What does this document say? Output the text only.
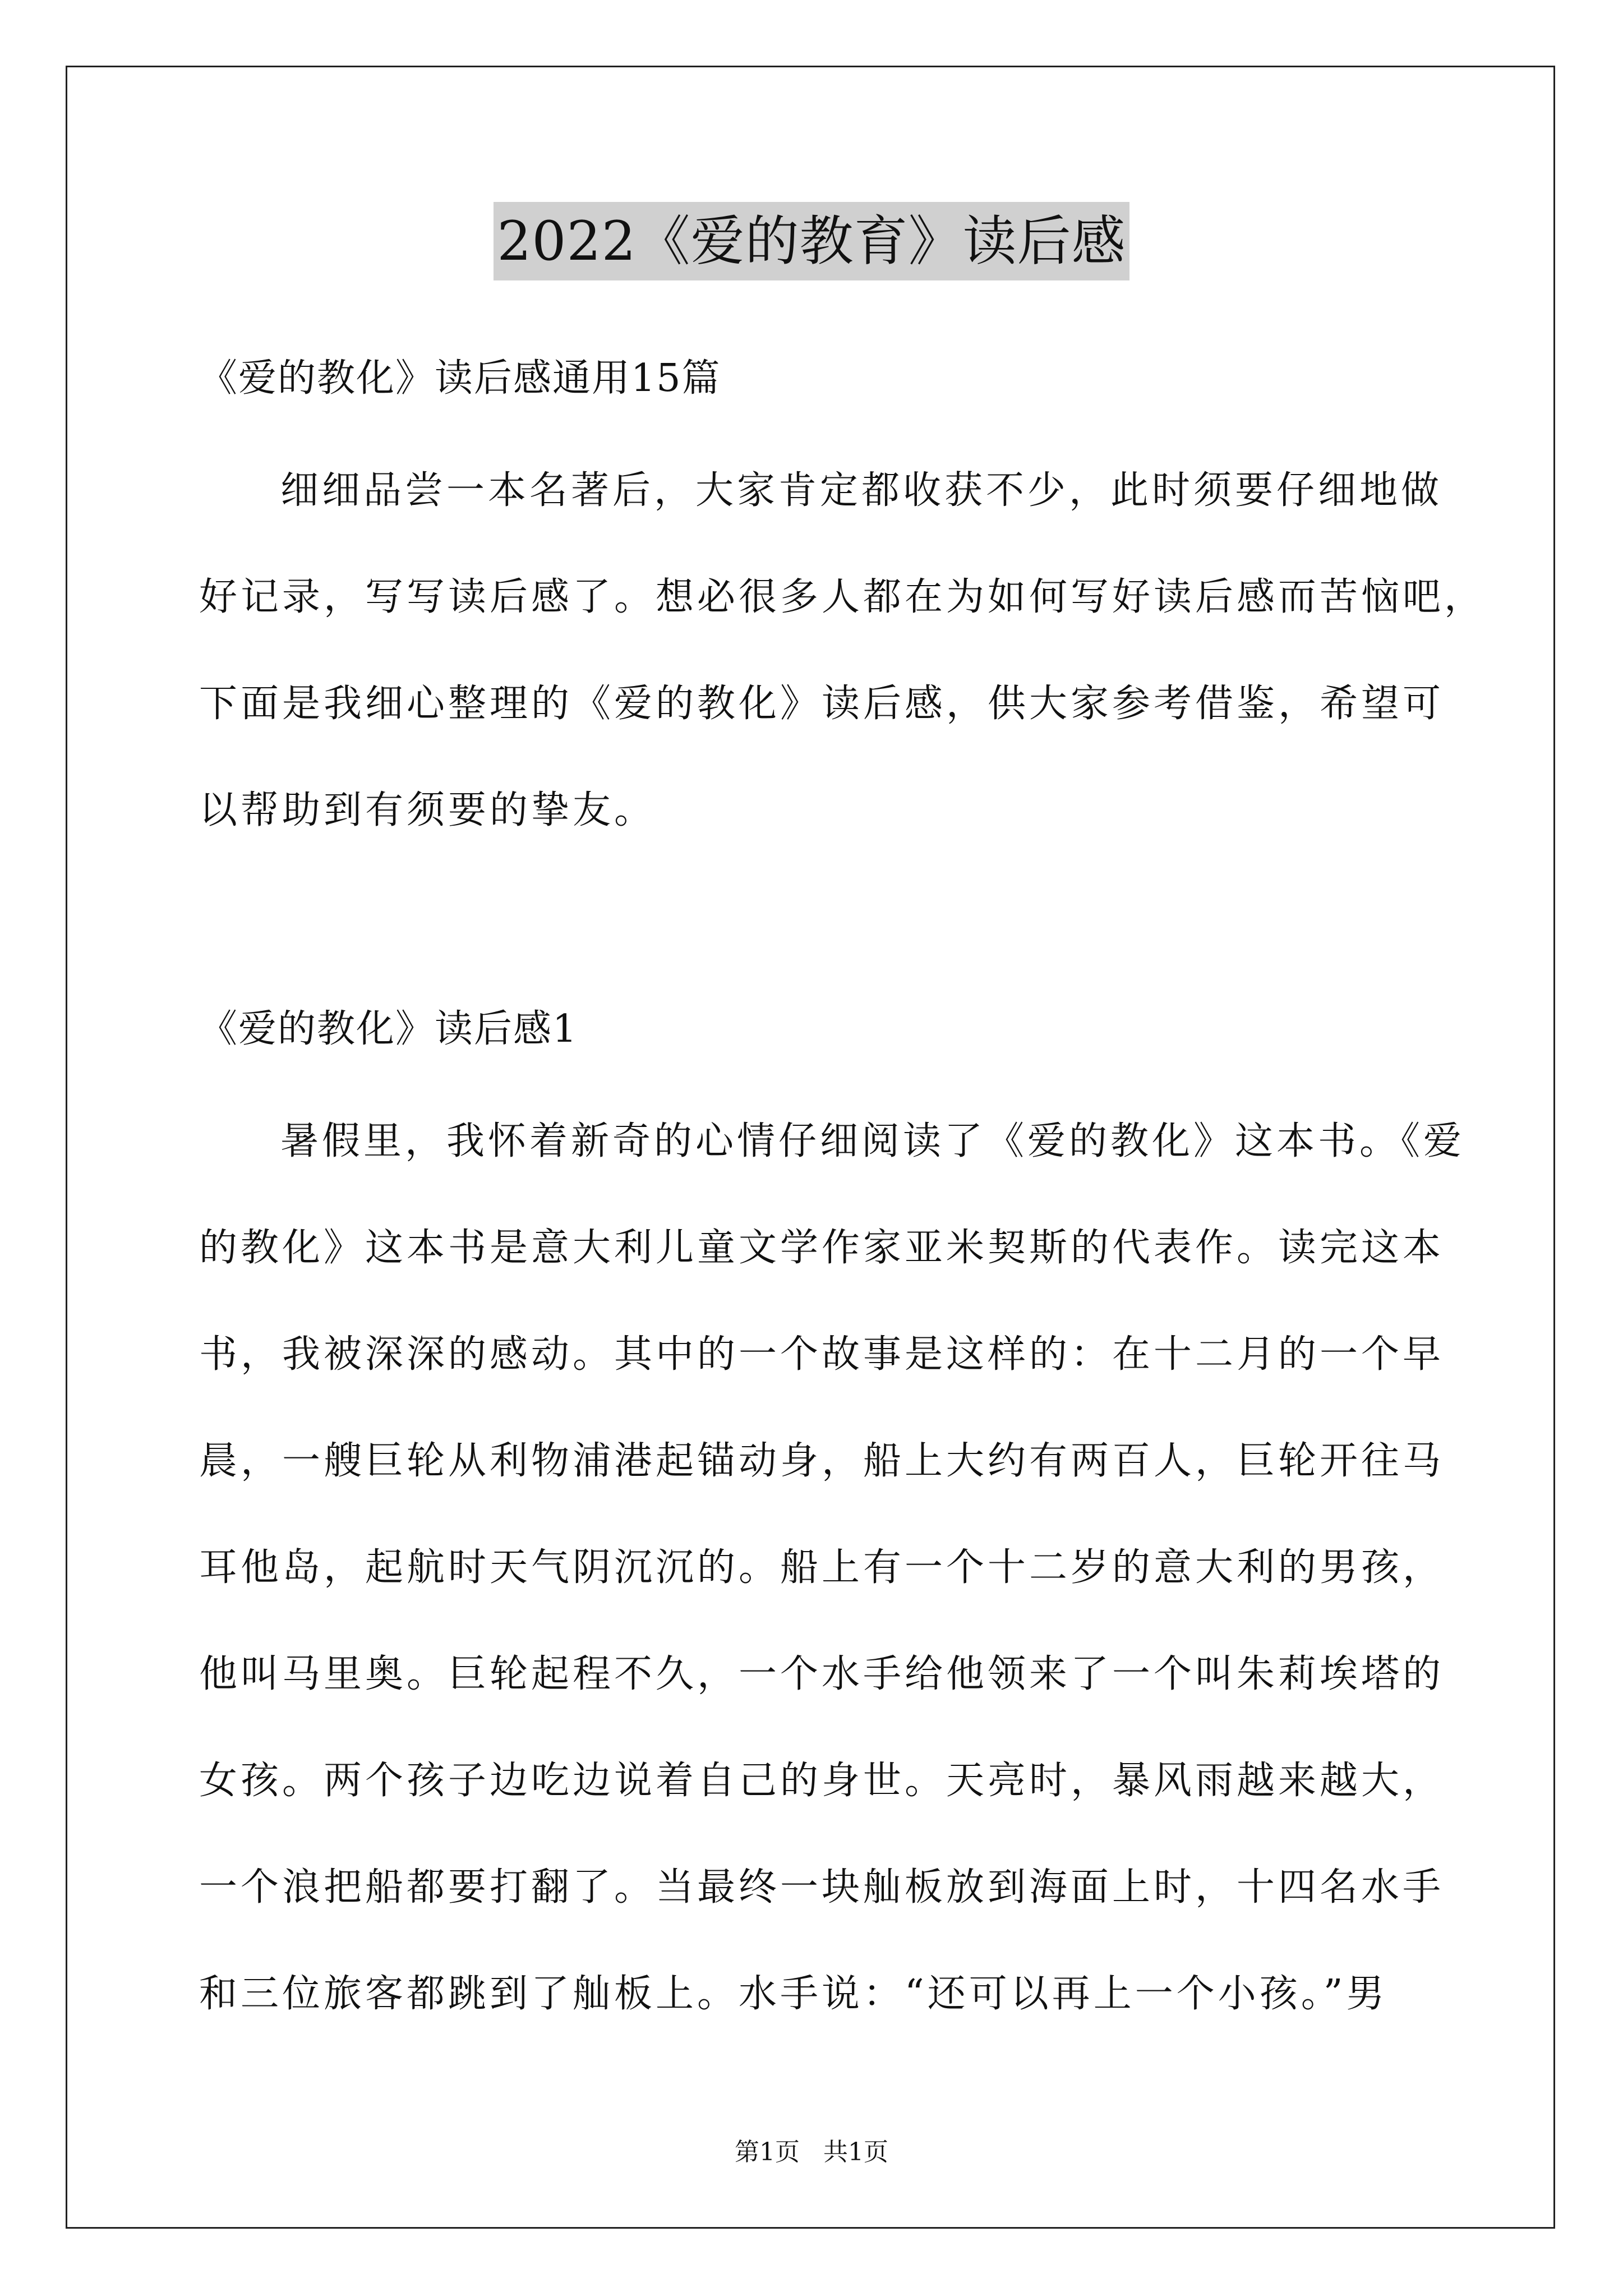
2022《爱的教育》读后感
《爱的教化》读后感通用15篇
细细品尝一本名著后，大家肯定都收获不少，此时须要仔细地做
好记录，写写读后感了。想必很多人都在为如何写好读后感而苦恼吧，
下面是我细心整理的《爱的教化》读后感，供大家参考借鉴，希望可
以帮助到有须要的挚友。
《爱的教化》读后感1
暑假里，我怀着新奇的心情仔细阅读了《爱的教化》这本书。《爱
的教化》这本书是意大利儿童文学作家亚米契斯的代表作。读完这本
书，我被深深的感动。其中的一个故事是这样的：在十二月的一个早
晨，一艘巨轮从利物浦港起锚动身，船上大约有两百人，巨轮开往马
耳他岛，起航时天气阴沉沉的。船上有一个十二岁的意大利的男孩，
他叫马里奥。巨轮起程不久，一个水手给他领来了一个叫朱莉埃塔的
女孩。两个孩子边吃边说着自己的身世。天亮时，暴风雨越来越大，
一个浪把船都要打翻了。当最终一块舢板放到海面上时，十四名水手
和三位旅客都跳到了舢板上。水手说：“还可以再上一个小孩。”男
第1页 共1页
